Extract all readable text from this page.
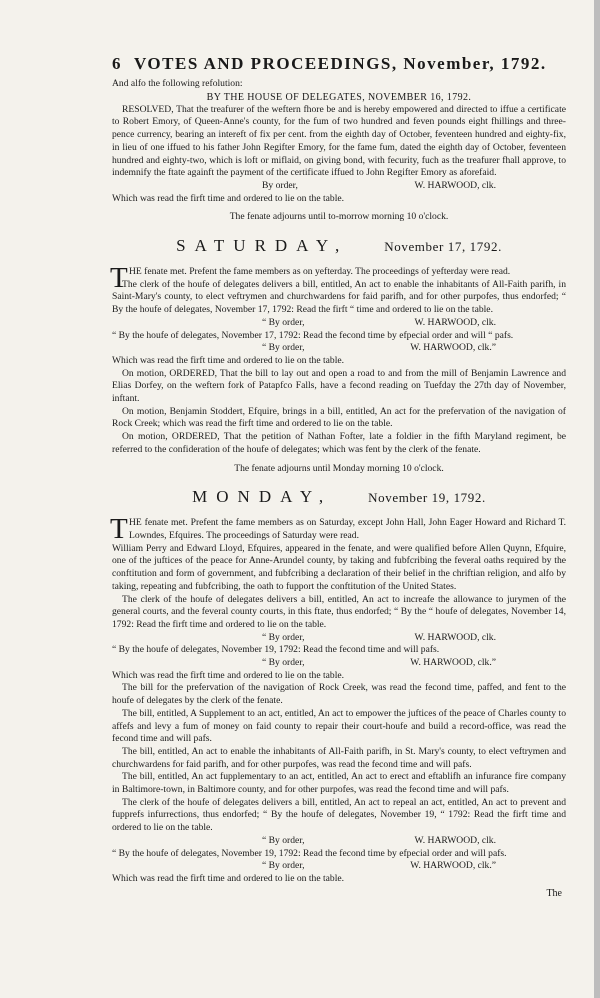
6 VOTES AND PROCEEDINGS, November, 1792.

And alfo the following refolution:

BY THE HOUSE OF DELEGATES, NOVEMBER 16, 1792.

RESOLVED, That the treafurer of the weftern fhore be and is hereby empowered and directed to iffue a certificate to Robert Emory, of Queen-Anne's county, for the fum of two hundred and feven pounds eight fhillings and three-pence currency, bearing an intereft of fix per cent. from the eighth day of October, feventeen hundred and eighty-fix, in lieu of one iffued to his father John Regifter Emory, for the fame fum, dated the eighth day of October, feventeen hundred and eighty-two, which is loft or miflaid, on giving bond, with fecurity, fuch as the treafurer fhall approve, to indemnify the ftate againft the payment of the certificate iffued to John Regifter Emory as aforefaid.

By order,	W. HARWOOD, clk.

Which was read the firft time and ordered to lie on the table.

The fenate adjourns until to-morrow morning 10 o'clock.
SATURDAY,	November 17, 1792.
T HE fenate met. Prefent the fame members as on yefterday. The proceedings of yefterday were read.

The clerk of the houfe of delegates delivers a bill, entitled, An act to enable the inhabitants of All-Faith parifh, in Saint-Mary's county, to elect veftrymen and churchwardens for faid parifh, and for other purpofes, thus endorfed; “ By the houfe of delegates, November 17, 1792: Read the firft “ time and ordered to lie on the table.

“ By order,	W. HARWOOD, clk.

“ By the houfe of delegates, November 17, 1792: Read the fecond time by efpecial order and will “ pafs.

“ By order,	W. HARWOOD, clk.”

Which was read the firft time and ordered to lie on the table.

On motion, ORDERED, That the bill to lay out and open a road to and from the mill of Benjamin Lawrence and Elias Dorfey, on the weftern fork of Patapfco Falls, have a fecond reading on Tuefday the 27th day of November, inftant.

On motion, Benjamin Stoddert, Efquire, brings in a bill, entitled, An act for the prefervation of the navigation of Rock Creek; which was read the firft time and ordered to lie on the table.

On motion, ORDERED, That the petition of Nathan Fofter, late a foldier in the fifth Maryland regiment, be referred to the confideration of the houfe of delegates; which was fent by the clerk of the fenate.

The fenate adjourns until Monday morning 10 o'clock.
MONDAY,	November 19, 1792.
T HE fenate met. Prefent the fame members as on Saturday, except John Hall, John Eager Howard and Richard T. Lowndes, Efquires. The proceedings of Saturday were read.

William Perry and Edward Lloyd, Efquires, appeared in the fenate, and were qualified before Allen Quynn, Efquire, one of the juftices of the peace for Anne-Arundel county, by taking and fubfcribing the feveral oaths required by the conftitution and form of government, and fubfcribing a declaration of their belief in the chriftian religion, and alfo by taking, repeating and fubfcribing, the oath to fupport the conftitution of the United States.

The clerk of the houfe of delegates delivers a bill, entitled, An act to increafe the allowance to jurymen of the general courts, and the feveral county courts, in this ftate, thus endorfed; “ By the “ houfe of delegates, November 14, 1792: Read the firft time and ordered to lie on the table.

“ By order,	W. HARWOOD, clk.

“ By the houfe of delegates, November 19, 1792: Read the fecond time and will pafs.

“ By order,	W. HARWOOD, clk.”

Which was read the firft time and ordered to lie on the table.

The bill for the prefervation of the navigation of Rock Creek, was read the fecond time, paffed, and fent to the houfe of delegates by the clerk of the fenate.

The bill, entitled, A Supplement to an act, entitled, An act to empower the juftices of the peace of Charles county to affefs and levy a fum of money on faid county to repair their court-houfe and build a record-office, was read the fecond time and will pafs.

The bill, entitled, An act to enable the inhabitants of All-Faith parifh, in St. Mary's county, to elect veftrymen and churchwardens for faid parifh, and for other purpofes, was read the fecond time and will pafs.

The bill, entitled, An act fupplementary to an act, entitled, An act to erect and eftablifh an infurance fire company in Baltimore-town, in Baltimore county, and for other purpofes, was read the fecond time and will pafs.

The clerk of the houfe of delegates delivers a bill, entitled, An act to repeal an act, entitled, An act to prevent and fupprefs infurrections, thus endorfed; “ By the houfe of delegates, November 19, “ 1792: Read the firft time and ordered to lie on the table.

“ By order,	W. HARWOOD, clk.

“ By the houfe of delegates, November 19, 1792: Read the fecond time by efpecial order and will pafs.

“ By order,	W. HARWOOD, clk.”

Which was read the firft time and ordered to lie on the table.

The
